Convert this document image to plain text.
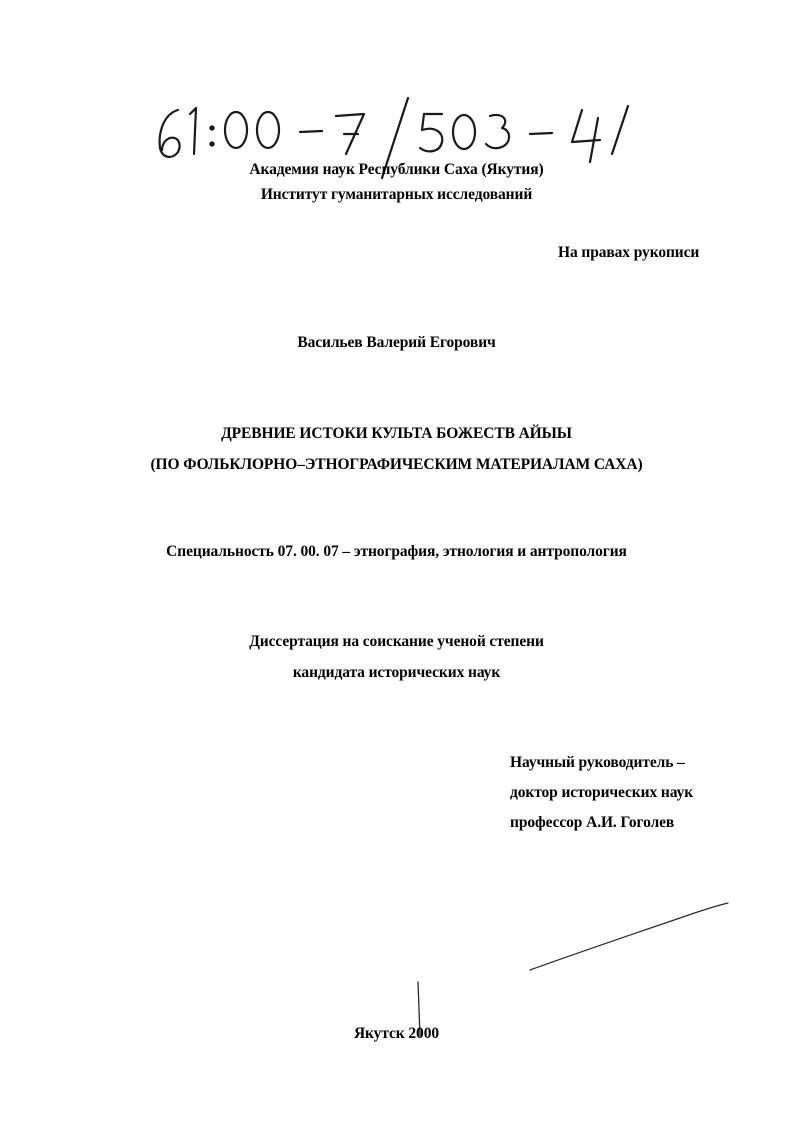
Академия наук Республики Саха (Якутия)
Институт гуманитарных исследований
На правах рукописи
Васильев Валерий Егорович
ДРЕВНИЕ ИСТОКИ КУЛЬТА БОЖЕСТВ АЙЫЫ
(ПО ФОЛЬКЛОРНО–ЭТНОГРАФИЧЕСКИМ МАТЕРИАЛАМ САХА)
Специальность 07. 00. 07 – этнография, этнология и антропология
Диссертация на соискание ученой степени
кандидата исторических наук
Научный руководитель –
доктор исторических наук
профессор А.И. Гоголев
Якутск 2000
